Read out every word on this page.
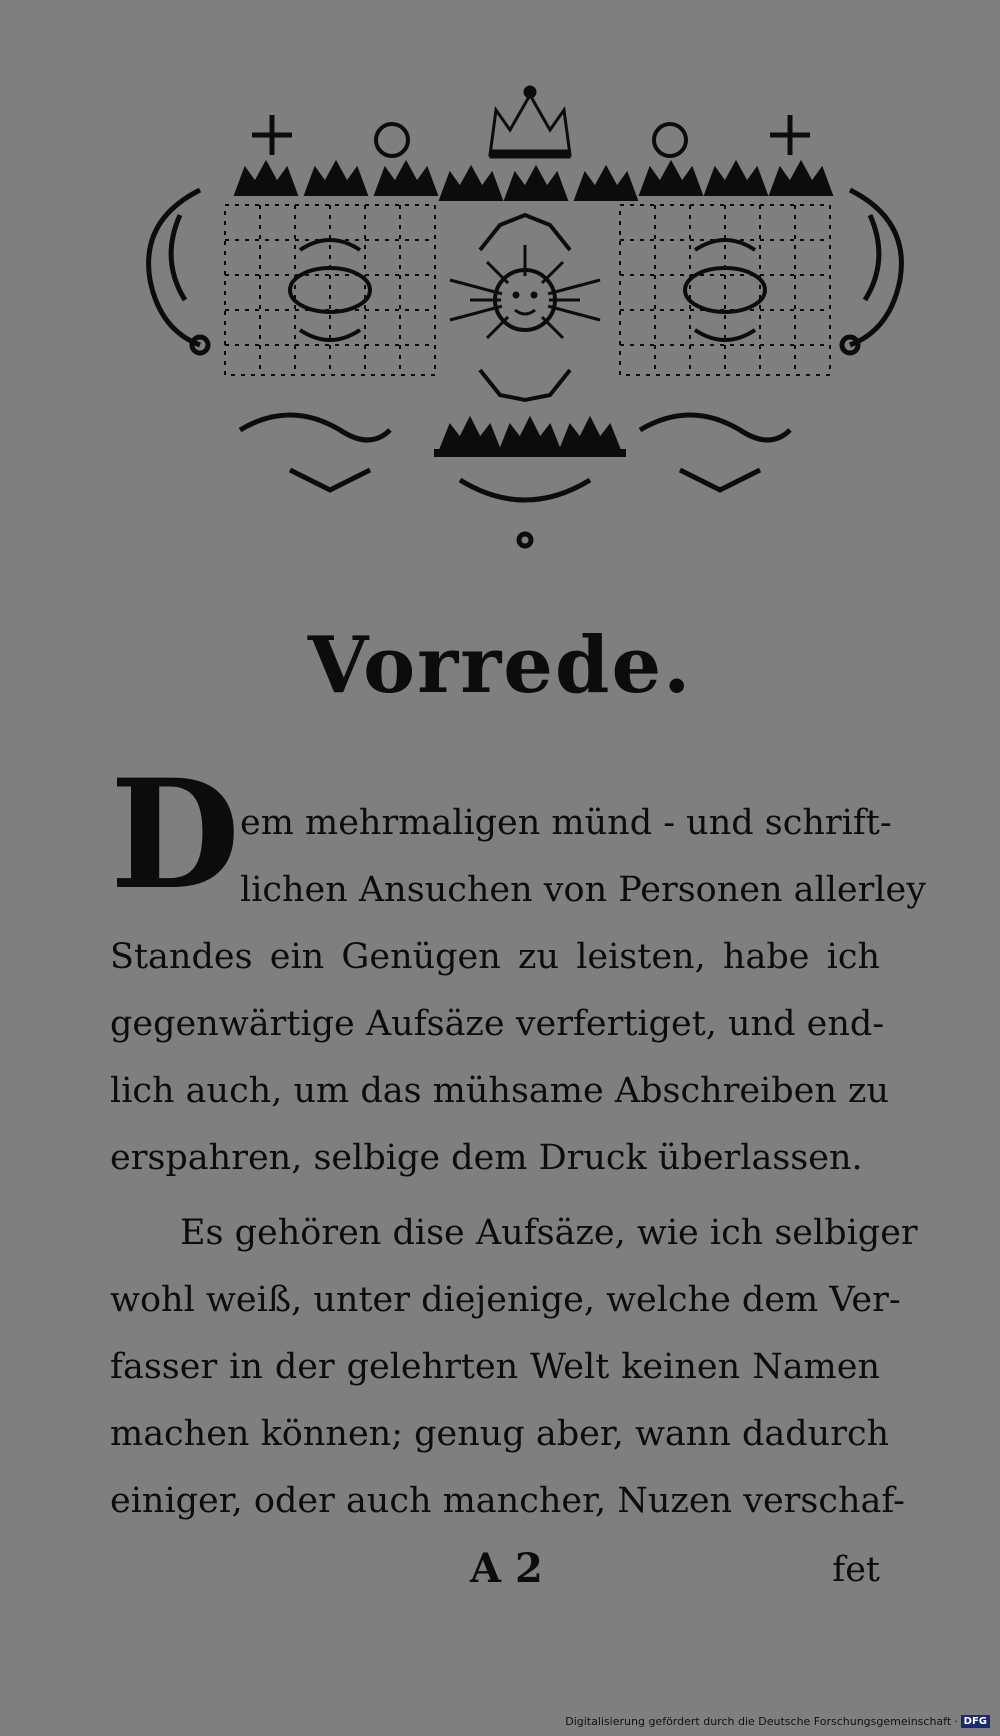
Vorrede.
D em mehrmaligen münd - und schrift-
lichen Ansuchen von Personen allerley
Standes ein Genügen zu leisten, habe ich
gegenwärtige Aufsäze verfertiget, und end-
lich auch, um das mühsame Abschreiben zu
erspahren, selbige dem Druck überlassen.
Es gehören dise Aufsäze, wie ich selbiger
wohl weiß, unter diejenige, welche dem Ver-
fasser in der gelehrten Welt keinen Namen
machen können; genug aber, wann dadurch
einiger, oder auch mancher, Nuzen verschaf-
A 2	fet
Digitalisierung gefördert durch die Deutsche Forschungsgemeinschaft · DFG
